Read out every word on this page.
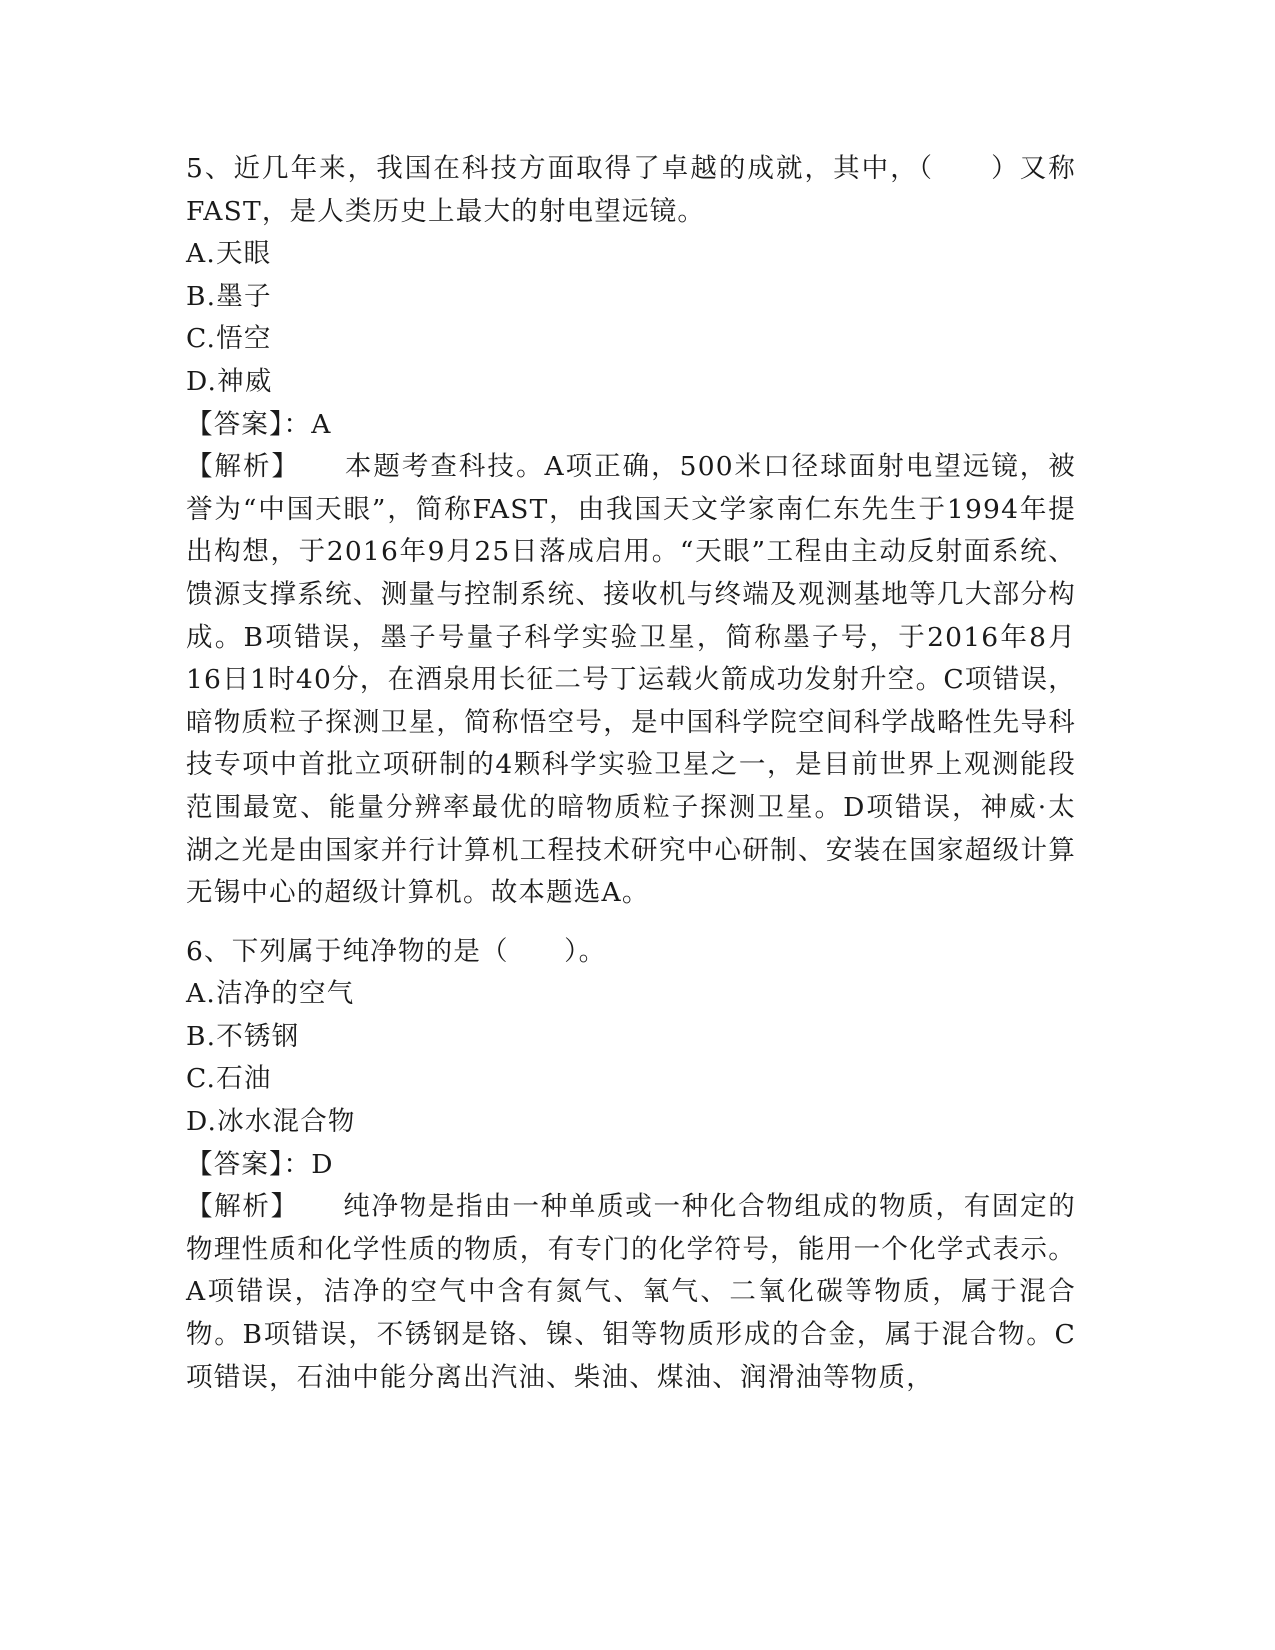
5、近几年来，我国在科技方面取得了卓越的成就，其中，（　　）又称FAST，是人类历史上最大的射电望远镜。

A.天眼
B.墨子
C.悟空
D.神威
【答案】：A

【解析】 本题考查科技。A项正确，500米口径球面射电望远镜，被誉为“中国天眼”，简称FAST，由我国天文学家南仁东先生于1994年提出构想，于2016年9月25日落成启用。“天眼”工程由主动反射面系统、馈源支撑系统、测量与控制系统、接收机与终端及观测基地等几大部分构成。B项错误，墨子号量子科学实验卫星，简称墨子号，于2016年8月16日1时40分，在酒泉用长征二号丁运载火箭成功发射升空。C项错误，暗物质粒子探测卫星，简称悟空号，是中国科学院空间科学战略性先导科技专项中首批立项研制的4颗科学实验卫星之一，是目前世界上观测能段范围最宽、能量分辨率最优的暗物质粒子探测卫星。D项错误，神威·太湖之光是由国家并行计算机工程技术研究中心研制、安装在国家超级计算无锡中心的超级计算机。故本题选A。

6、下列属于纯净物的是（　　）。

A.洁净的空气
B.不锈钢
C.石油
D.冰水混合物
【答案】：D

【解析】 纯净物是指由一种单质或一种化合物组成的物质，有固定的物理性质和化学性质的物质，有专门的化学符号，能用一个化学式表示。A项错误，洁净的空气中含有氮气、氧气、二氧化碳等物质，属于混合物。B项错误，不锈钢是铬、镍、钼等物质形成的合金，属于混合物。C项错误，石油中能分离出汽油、柴油、煤油、润滑油等物质，
